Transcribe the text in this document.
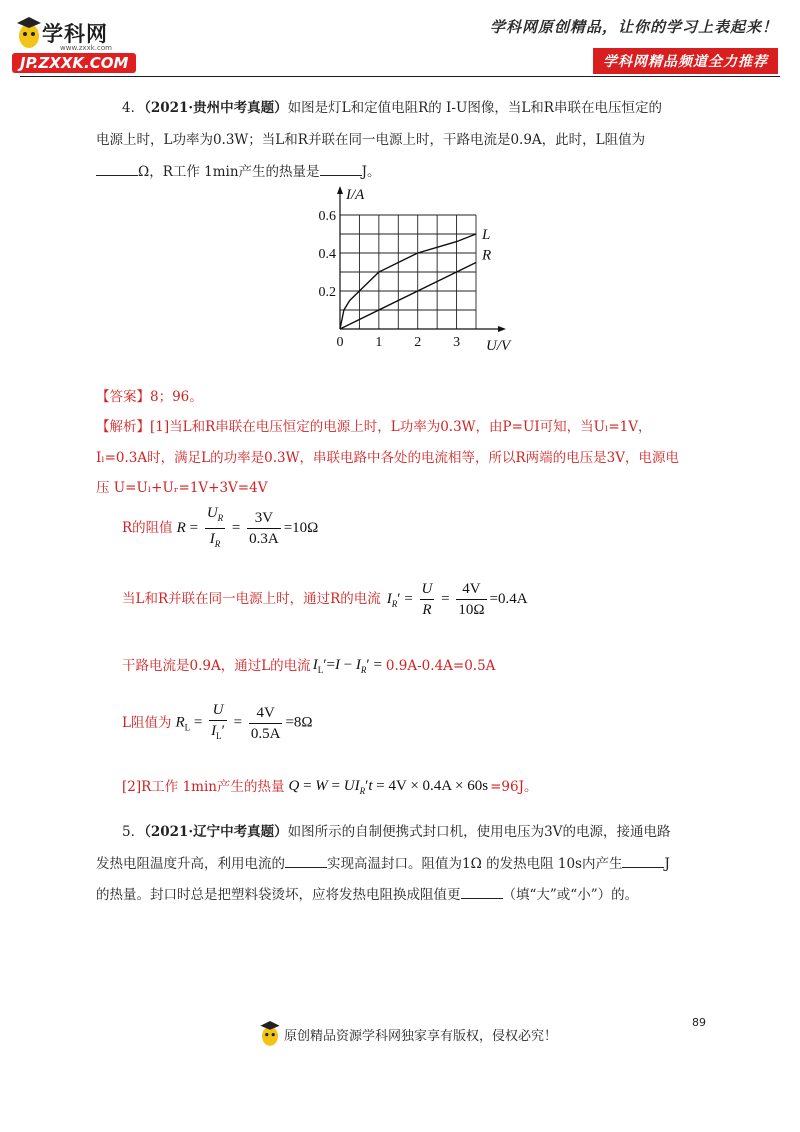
学科网
www.zxxk.com
JP.ZXXK.COM
学科网原创精品，让你的学习上表起来！
学科网精品频道全力推荐
4．（2021·贵州中考真题）如图是灯L和定值电阻R的 I-U图像，当L和R串联在电压恒定的
电源上时，L功率为0.3W；当L和R并联在同一电源上时，干路电流是0.9A，此时，L阻值为
Ω，R工作 1min产生的热量是	J。
0 1 2 3
0.2
0.4
0.6
I/A
U/V
L
R
【答案】8；96。
【解析】[1]当L和R串联在电压恒定的电源上时，L功率为0.3W，由P=UI可知，当Uₗ=1V，
Iₗ=0.3A时，满足L的功率是0.3W，串联电路中各处的电流相等，所以R两端的电压是3V，电源电
压 U=Uₗ+Uᵣ=1V+3V=4V
R的阻值 $R = \frac{U_R}{I_R} = \frac{3V}{0.3A} =10\Omega$
当L和R并联在同一电源上时，通过R的电流 $I_R' = \frac{U}{R} = \frac{4V}{10\Omega} =0.4A$
干路电流是0.9A，通过L的电流 $I_L'=I - I_R' = 0.9A-0.4A=0.5A$
L阻值为 $R_L = \frac{U}{I_L'} = \frac{4V}{0.5A} =8\Omega$
[2]R工作 1min产生的热量 $Q = W = UI_R't = 4V \times 0.4A \times 60s =96J$。
5．（2021·辽宁中考真题）如图所示的自制便携式封口机，使用电压为3V的电源，接通电路
发热电阻温度升高，利用电流的	实现高温封口。阻值为1Ω 的发热电阻 10s内产生	J
的热量。封口时总是把塑料袋烫坏，应将发热电阻换成阻值更	（填“大”或“小”）的。
89
原创精品资源学科网独家享有版权，侵权必究！
